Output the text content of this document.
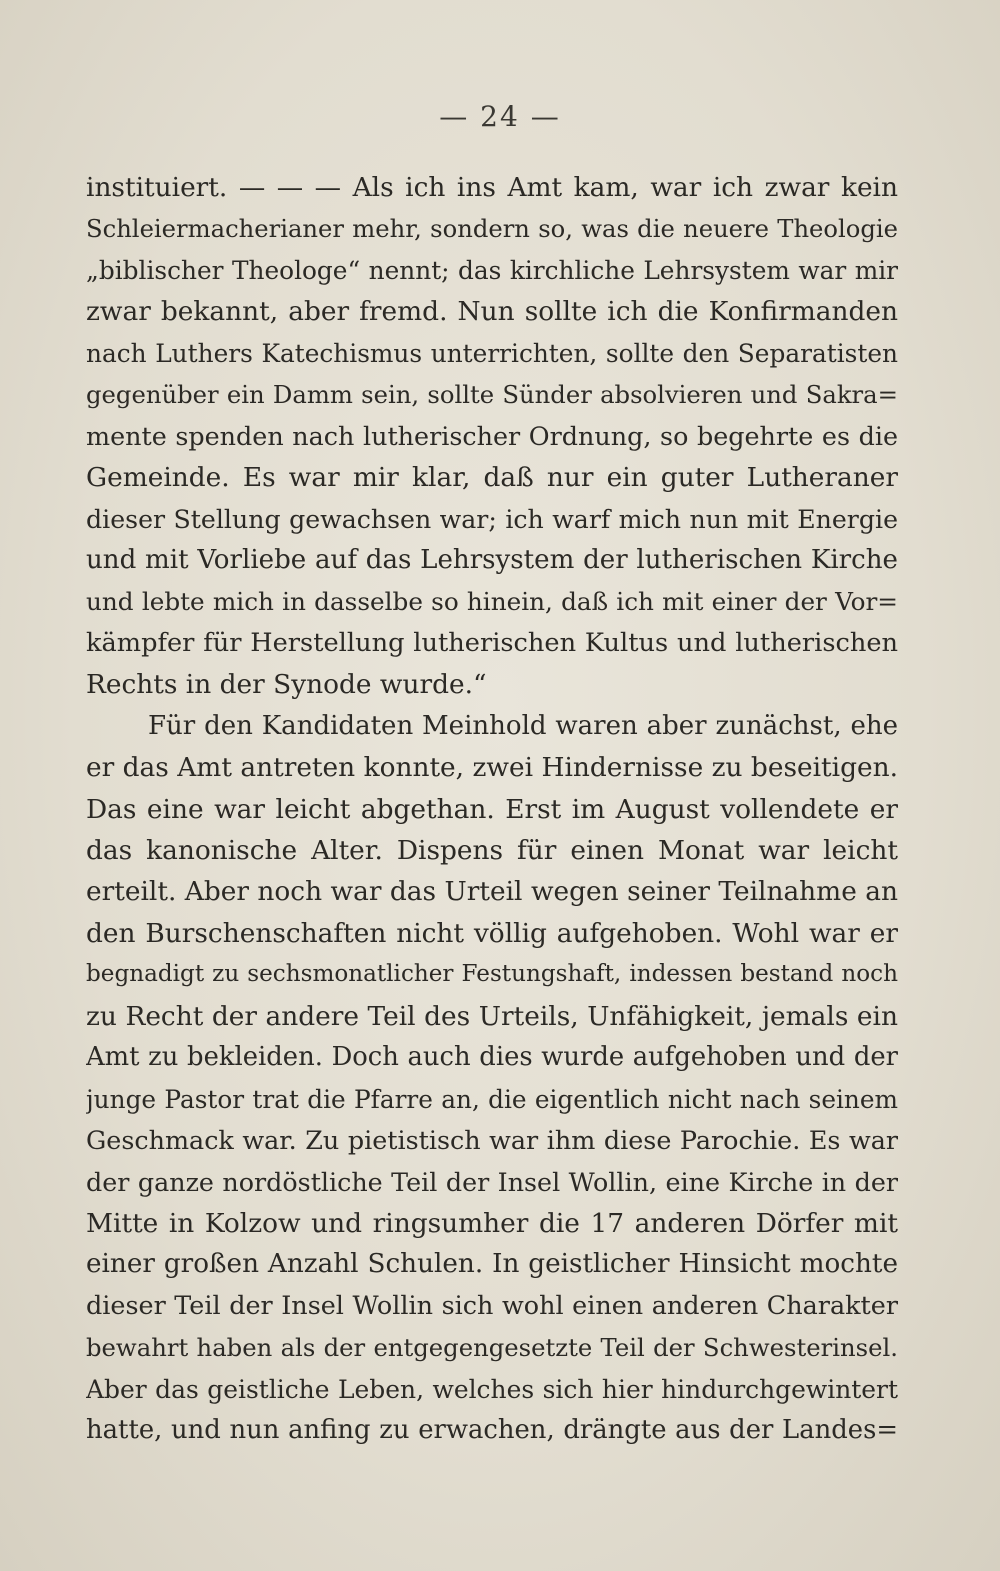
— 24 —
instituiert. — — — Als ich ins Amt kam, war ich zwar kein
Schleiermacherianer mehr, sondern so, was die neuere Theologie
„biblischer Theologe“ nennt; das kirchliche Lehrsystem war mir
zwar bekannt, aber fremd. Nun sollte ich die Konfirmanden
nach Luthers Katechismus unterrichten, sollte den Separatisten
gegenüber ein Damm sein, sollte Sünder absolvieren und Sakra=
mente spenden nach lutherischer Ordnung, so begehrte es die
Gemeinde. Es war mir klar, daß nur ein guter Lutheraner
dieser Stellung gewachsen war; ich warf mich nun mit Energie
und mit Vorliebe auf das Lehrsystem der lutherischen Kirche
und lebte mich in dasselbe so hinein, daß ich mit einer der Vor=
kämpfer für Herstellung lutherischen Kultus und lutherischen
Rechts in der Synode wurde.“
Für den Kandidaten Meinhold waren aber zunächst, ehe
er das Amt antreten konnte, zwei Hindernisse zu beseitigen.
Das eine war leicht abgethan. Erst im August vollendete er
das kanonische Alter. Dispens für einen Monat war leicht
erteilt. Aber noch war das Urteil wegen seiner Teilnahme an
den Burschenschaften nicht völlig aufgehoben. Wohl war er
begnadigt zu sechsmonatlicher Festungshaft, indessen bestand noch
zu Recht der andere Teil des Urteils, Unfähigkeit, jemals ein
Amt zu bekleiden. Doch auch dies wurde aufgehoben und der
junge Pastor trat die Pfarre an, die eigentlich nicht nach seinem
Geschmack war. Zu pietistisch war ihm diese Parochie. Es war
der ganze nordöstliche Teil der Insel Wollin, eine Kirche in der
Mitte in Kolzow und ringsumher die 17 anderen Dörfer mit
einer großen Anzahl Schulen. In geistlicher Hinsicht mochte
dieser Teil der Insel Wollin sich wohl einen anderen Charakter
bewahrt haben als der entgegengesetzte Teil der Schwesterinsel.
Aber das geistliche Leben, welches sich hier hindurchgewintert
hatte, und nun anfing zu erwachen, drängte aus der Landes=
